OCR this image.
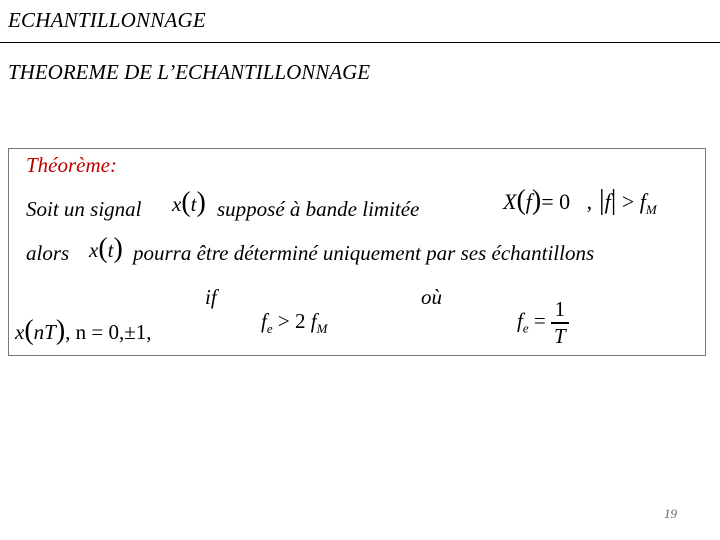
ECHANTILLONNAGE
THEOREME DE L’ECHANTILLONNAGE
Théorème:
Soit un signal x(t) supposé à bande limitée	X(f)= 0 , $|f| > f_M$
alors x(t) pourra être déterminé uniquement par ses échantillons
if	où
x(nT), n = 0,±1,	$f_e > 2$ $f_M$	$f_e = \frac{1}{T}$
19
